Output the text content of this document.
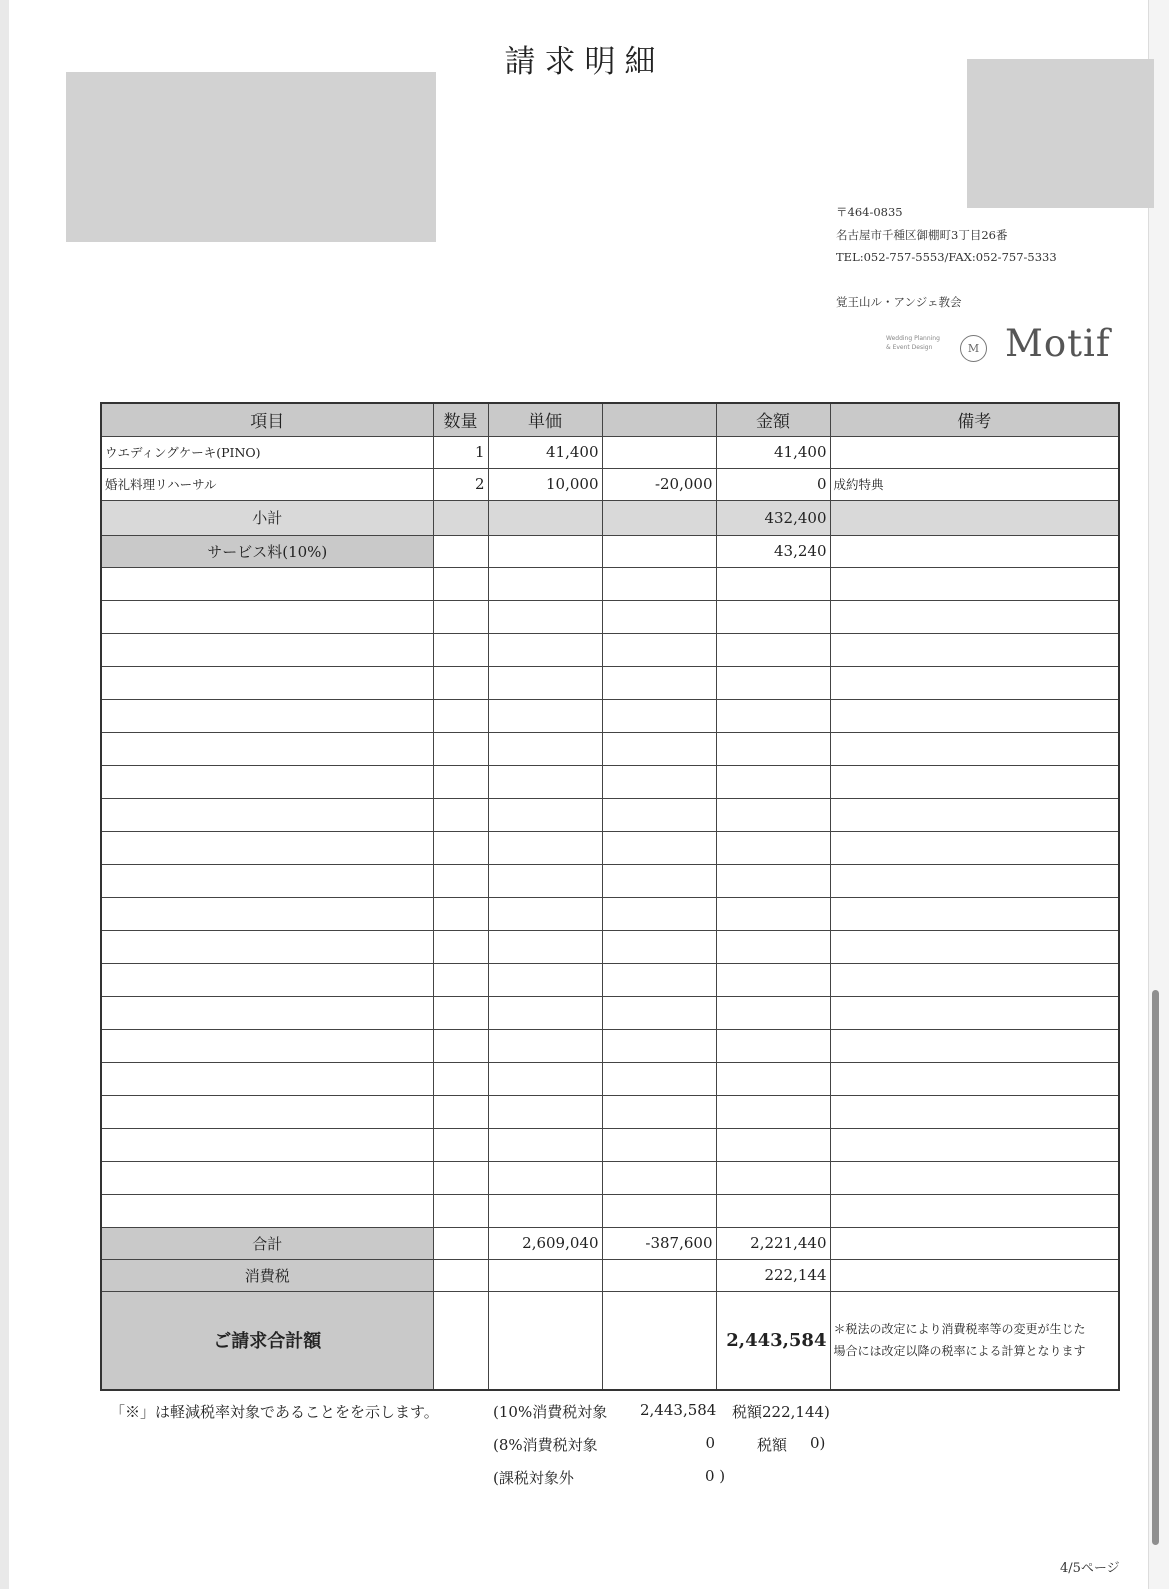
請求明細
〒464-0835
名古屋市千種区御棚町3丁目26番
TEL:052-757-5553/FAX:052-757-5333
覚王山ル・アンジェ教会
Wedding Planning
& Event Design	M Motif
項目	数量	単価		金額	備考
ウエディングケーキ(PINO)	1	41,400		41,400	
婚礼料理リハーサル	2	10,000	-20,000	0	成約特典
小計				432,400	
サービス料(10%)				43,240	

合計		2,609,040	-387,600	2,221,440	
消費税				222,144	
ご請求合計額				2,443,584	＊税法の改定により消費税率等の変更が生じた
場合には改定以降の税率による計算となります
「※」は軽減税率対象であることをを示します。	(10%消費税対象 2,443,584 税額222,144)
(8%消費税対象	0	税額 0)
(課税対象外	0 )
4/5ページ
